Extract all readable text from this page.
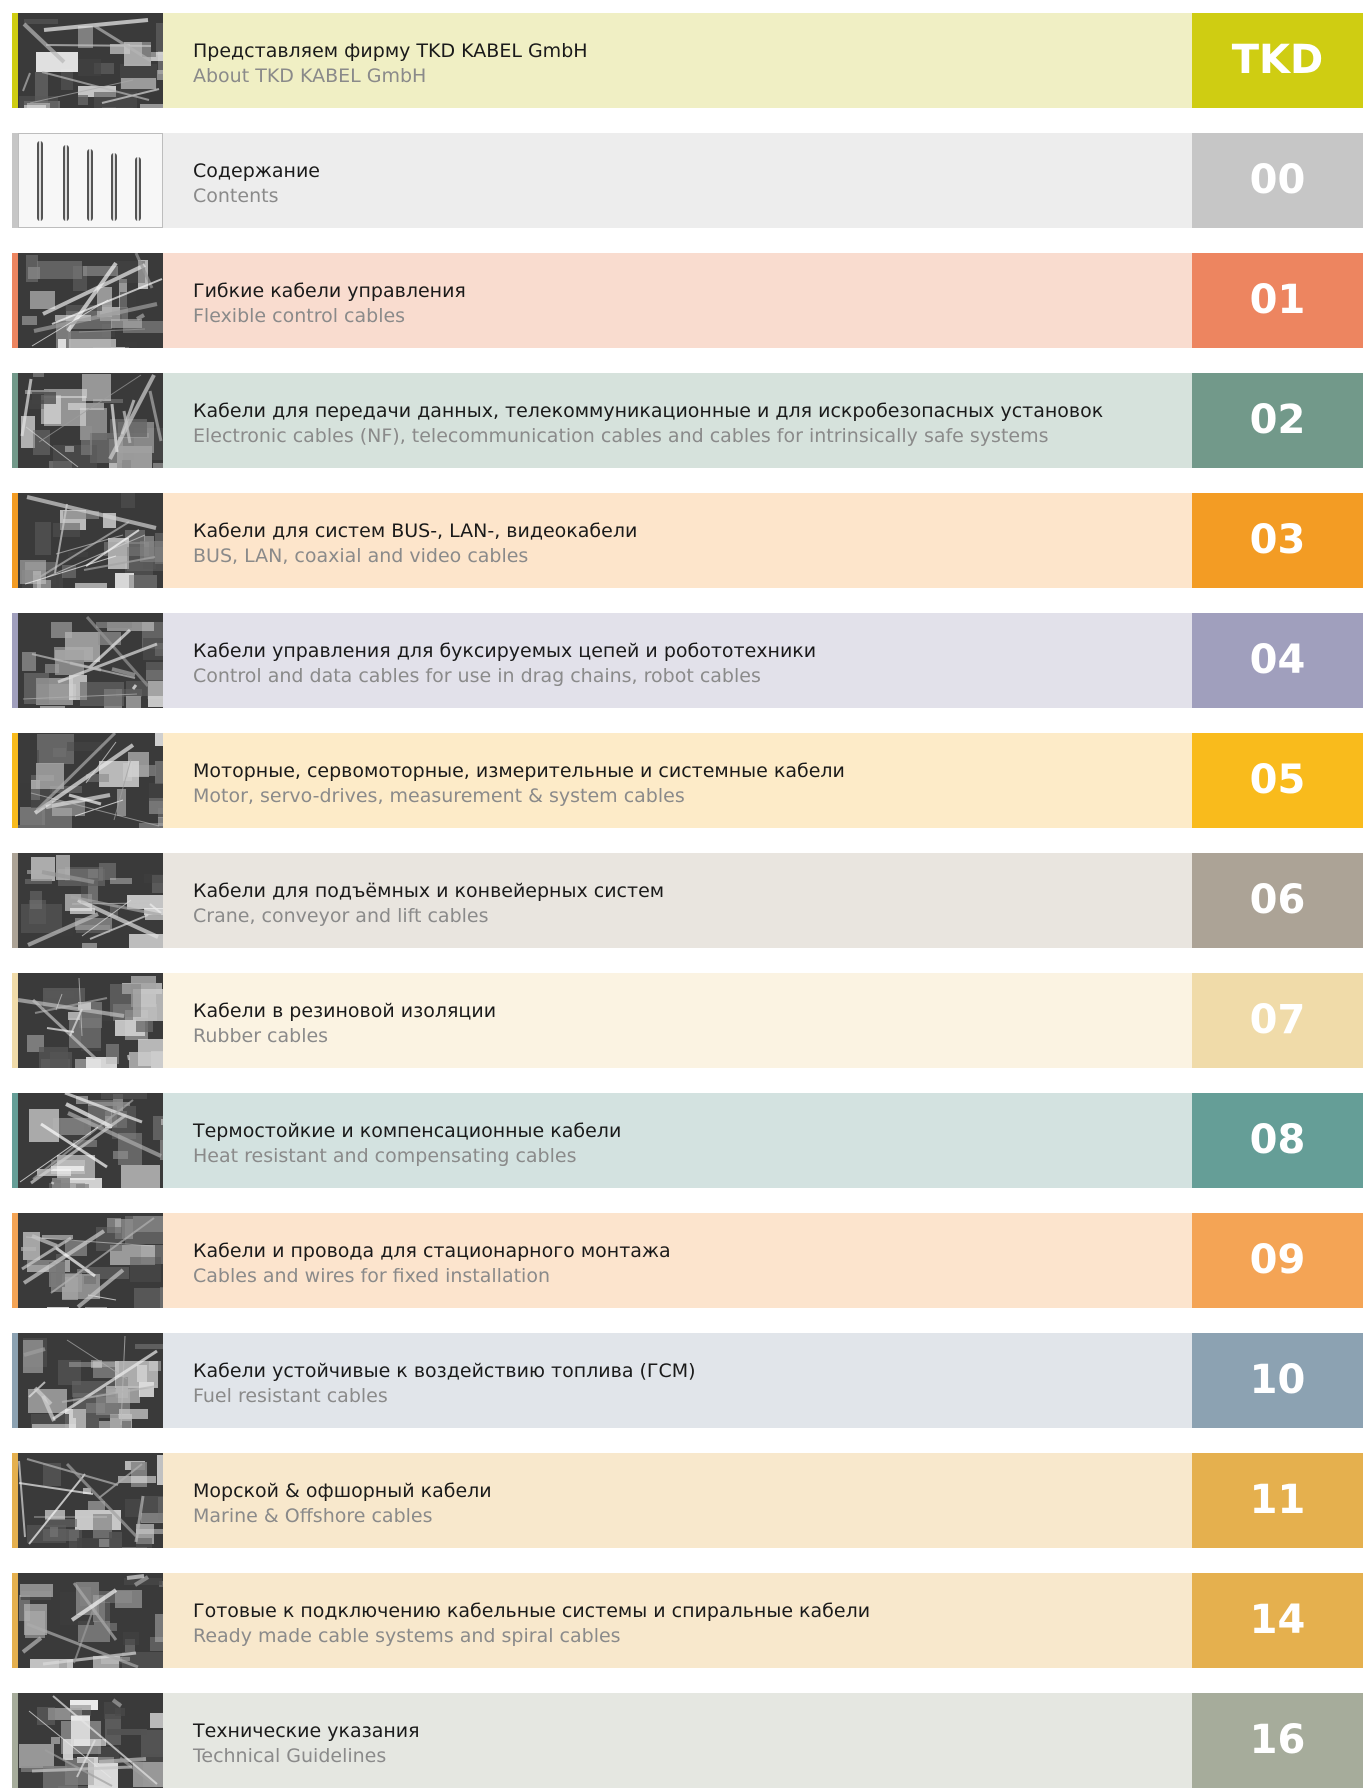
Представляем фирму TKD KABEL GmbH
About TKD KABEL GmbH	TKD
Содержание
Contents	00
Гибкие кабели управления
Flexible control cables	01
Кабели для передачи данных, телекоммуникационные и для искробезопасных установок
Electronic cables (NF), telecommunication cables and cables for intrinsically safe systems	02
Кабели для систем BUS-, LAN-, видеокабели
BUS, LAN, coaxial and video cables	03
Кабели управления для буксируемых цепей и робототехники
Control and data cables for use in drag chains, robot cables	04
Моторные, сервомоторные, измерительные и системные кабели
Motor, servo-drives, measurement & system cables	05
Кабели для подъёмных и конвейерных систем
Crane, conveyor and lift cables	06
Кабели в резиновой изоляции
Rubber cables	07
Термостойкие и компенсационные кабели
Heat resistant and compensating cables	08
Кабели и провода для стационарного монтажа
Cables and wires for fixed installation	09
Кабели устойчивые к воздействию топлива (ГСМ)
Fuel resistant cables	10
Морской & офшорный кабели
Marine & Offshore cables	11
Готовые к подключению кабельные системы и спиральные кабели
Ready made cable systems and spiral cables	14
Технические указания
Technical Guidelines	16
